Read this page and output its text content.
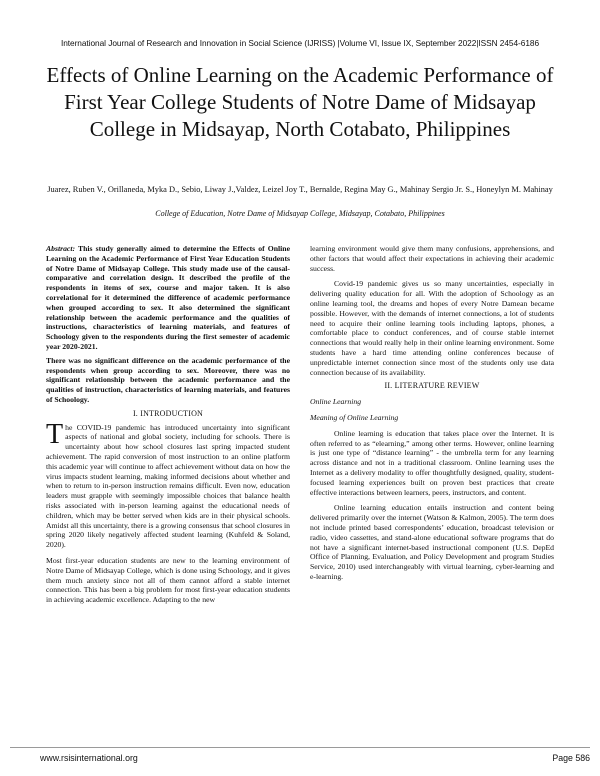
International Journal of Research and Innovation in Social Science (IJRISS) |Volume VI, Issue IX, September 2022|ISSN 2454-6186
Effects of Online Learning on the Academic Performance of First Year College Students of Notre Dame of Midsayap College in Midsayap, North Cotabato, Philippines
Juarez, Ruben V., Orillaneda, Myka D., Sebio, Liway J.,Valdez, Leizel Joy T., Bernalde, Regina May G., Mahinay Sergio Jr. S., Honeylyn M. Mahinay
College of Education, Notre Dame of Midsayap College, Midsayap, Cotabato, Philippines

Abstract: This study generally aimed to determine the Effects of Online Learning on the Academic Performance of First Year Education Students of Notre Dame of Midsayap College. This study made use of the causal-comparative and correlation design. It described the profile of the respondents in items of sex, course and major taken. It is also correlational for it determined the difference of academic performance when grouped according to sex. It also determined the significant relationship between the academic performance and the qualities of instructions, characteristics of learning materials, and features of Schoology given to the respondents during the first semester of academic year 2020-2021.

There was no significant difference on the academic performance of the respondents when group according to sex. Moreover, there was no significant relationship between the academic performance and the qualities of instruction, characteristics of learning materials, and features of Schoology.

I. INTRODUCTION

The COVID-19 pandemic has introduced uncertainty into significant aspects of national and global society, including for schools. There is uncertainty about how school closures last spring impacted student achievement. The rapid conversion of most instruction to an online platform this academic year will continue to affect achievement without data on how the virus impacts student learning, making informed decisions about whether and when to return to in-person instruction remains difficult. Even now, education leaders must grapple with seemingly impossible choices that balance health risks associated with in-person learning against the educational needs of children, which may be better served when kids are in their physical schools. Amidst all this uncertainty, there is a growing consensus that school closures in spring 2020 likely negatively affected student learning (Kuhfeld & Soland, 2020).

Most first-year education students are new to the learning environment of Notre Dame of Midsayap College, which is done using Schoology, and it gives them much anxiety since not all of them cannot afford a stable internet connection. This has been a big problem for most first-year education students in achieving academic excellence. Adapting to the new

learning environment would give them many confusions, apprehensions, and other factors that would affect their expectations in achieving their academic success.

Covid-19 pandemic gives us so many uncertainties, especially in delivering quality education for all. With the adoption of Schoology as an online learning tool, the dreams and hopes of every Notre Damean became possible. However, with the demands of internet connections, a lot of students need to acquire their online learning tools including laptops, phones, a comfortable place to conduct conferences, and of course stable internet connections that would really help in their online learning environment. Some students have a hard time attending online conferences because of unpredictable internet connection since most of the students only use data connection because of its availability.

II. LITERATURE REVIEW

Online Learning

Meaning of Online Learning

Online learning is education that takes place over the Internet. It is often referred to as “elearning,” among other terms. However, online learning is just one type of “distance learning” - the umbrella term for any learning across distance and not in a traditional classroom. Online learning uses the Internet as a delivery modality to offer thoughtfully designed, quality, student-focused learning experiences built on proven best practices that create effective interactions between learners, peers, instructors, and content.

Online learning education entails instruction and content being delivered primarily over the internet (Watson & Kalmon, 2005). The term does not include printed based correspondents’ education, broadcast television or radio, video cassettes, and stand-alone educational software programs that do not have a significant internet-based instructional component (U.S. DepEd Office of Planning, Evaluation, and Policy Development and program Studies Service, 2010) used interchangeably with virtual learning, cyber-learning and e-learning.

www.rsisinternational.org	Page 586
